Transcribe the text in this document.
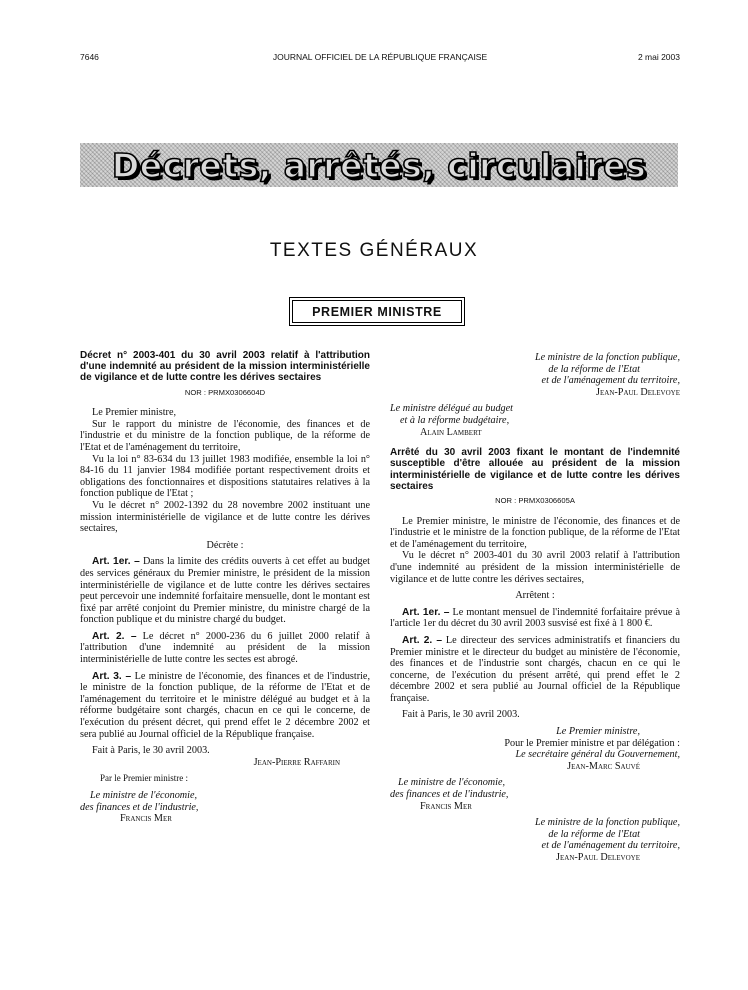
7646	JOURNAL OFFICIEL DE LA RÉPUBLIQUE FRANÇAISE	2 mai 2003
Décrets, arrêtés, circulaires
TEXTES GÉNÉRAUX
PREMIER MINISTRE

Décret n° 2003-401 du 30 avril 2003 relatif à l'attribution d'une indemnité au président de la mission interministérielle de vigilance et de lutte contre les dérives sectaires

NOR : PRMX0306604D

Le Premier ministre,

Sur le rapport du ministre de l'économie, des finances et de l'industrie et du ministre de la fonction publique, de la réforme de l'Etat et de l'aménagement du territoire,

Vu la loi n° 83-634 du 13 juillet 1983 modifiée, ensemble la loi n° 84-16 du 11 janvier 1984 modifiée portant respectivement droits et obligations des fonctionnaires et dispositions statutaires relatives à la fonction publique de l'Etat ;

Vu le décret n° 2002-1392 du 28 novembre 2002 instituant une mission interministérielle de vigilance et de lutte contre les dérives sectaires,

Décrète :

Art. 1er. – Dans la limite des crédits ouverts à cet effet au budget des services généraux du Premier ministre, le président de la mission interministérielle de vigilance et de lutte contre les dérives sectaires peut percevoir une indemnité forfaitaire mensuelle, dont le montant est fixé par arrêté conjoint du Premier ministre, du ministre chargé de la fonction publique et du ministre chargé du budget.

Art. 2. – Le décret n° 2000-236 du 6 juillet 2000 relatif à l'attribution d'une indemnité au président de la mission interministérielle de lutte contre les sectes est abrogé.

Art. 3. – Le ministre de l'économie, des finances et de l'industrie, le ministre de la fonction publique, de la réforme de l'Etat et de l'aménagement du territoire et le ministre délégué au budget et à la réforme budgétaire sont chargés, chacun en ce qui le concerne, de l'exécution du présent décret, qui prend effet le 2 décembre 2002 et sera publié au Journal officiel de la République française.

Fait à Paris, le 30 avril 2003.

Jean-Pierre Raffarin

Par le Premier ministre :

Le ministre de l'économie,

des finances et de l'industrie,

Francis Mer

Le ministre de la fonction publique,

de la réforme de l'Etat

et de l'aménagement du territoire,

Jean-Paul Delevoye

Le ministre délégué au budget

et à la réforme budgétaire,

Alain Lambert

Arrêté du 30 avril 2003 fixant le montant de l'indemnité susceptible d'être allouée au président de la mission interministérielle de vigilance et de lutte contre les dérives sectaires

NOR : PRMX0306605A

Le Premier ministre, le ministre de l'économie, des finances et de l'industrie et le ministre de la fonction publique, de la réforme de l'Etat et de l'aménagement du territoire,

Vu le décret n° 2003-401 du 30 avril 2003 relatif à l'attribution d'une indemnité au président de la mission interministérielle de vigilance et de lutte contre les dérives sectaires,

Arrêtent :

Art. 1er. – Le montant mensuel de l'indemnité forfaitaire prévue à l'article 1er du décret du 30 avril 2003 susvisé est fixé à 1 800 €.

Art. 2. – Le directeur des services administratifs et financiers du Premier ministre et le directeur du budget au ministère de l'économie, des finances et de l'industrie sont chargés, chacun en ce qui le concerne, de l'exécution du présent arrêté, qui prend effet le 2 décembre 2002 et sera publié au Journal officiel de la République française.

Fait à Paris, le 30 avril 2003.

Le Premier ministre,

Pour le Premier ministre et par délégation :

Le secrétaire général du Gouvernement,

Jean-Marc Sauvé

Le ministre de l'économie,

des finances et de l'industrie,

Francis Mer

Le ministre de la fonction publique,

de la réforme de l'Etat

et de l'aménagement du territoire,

Jean-Paul Delevoye
